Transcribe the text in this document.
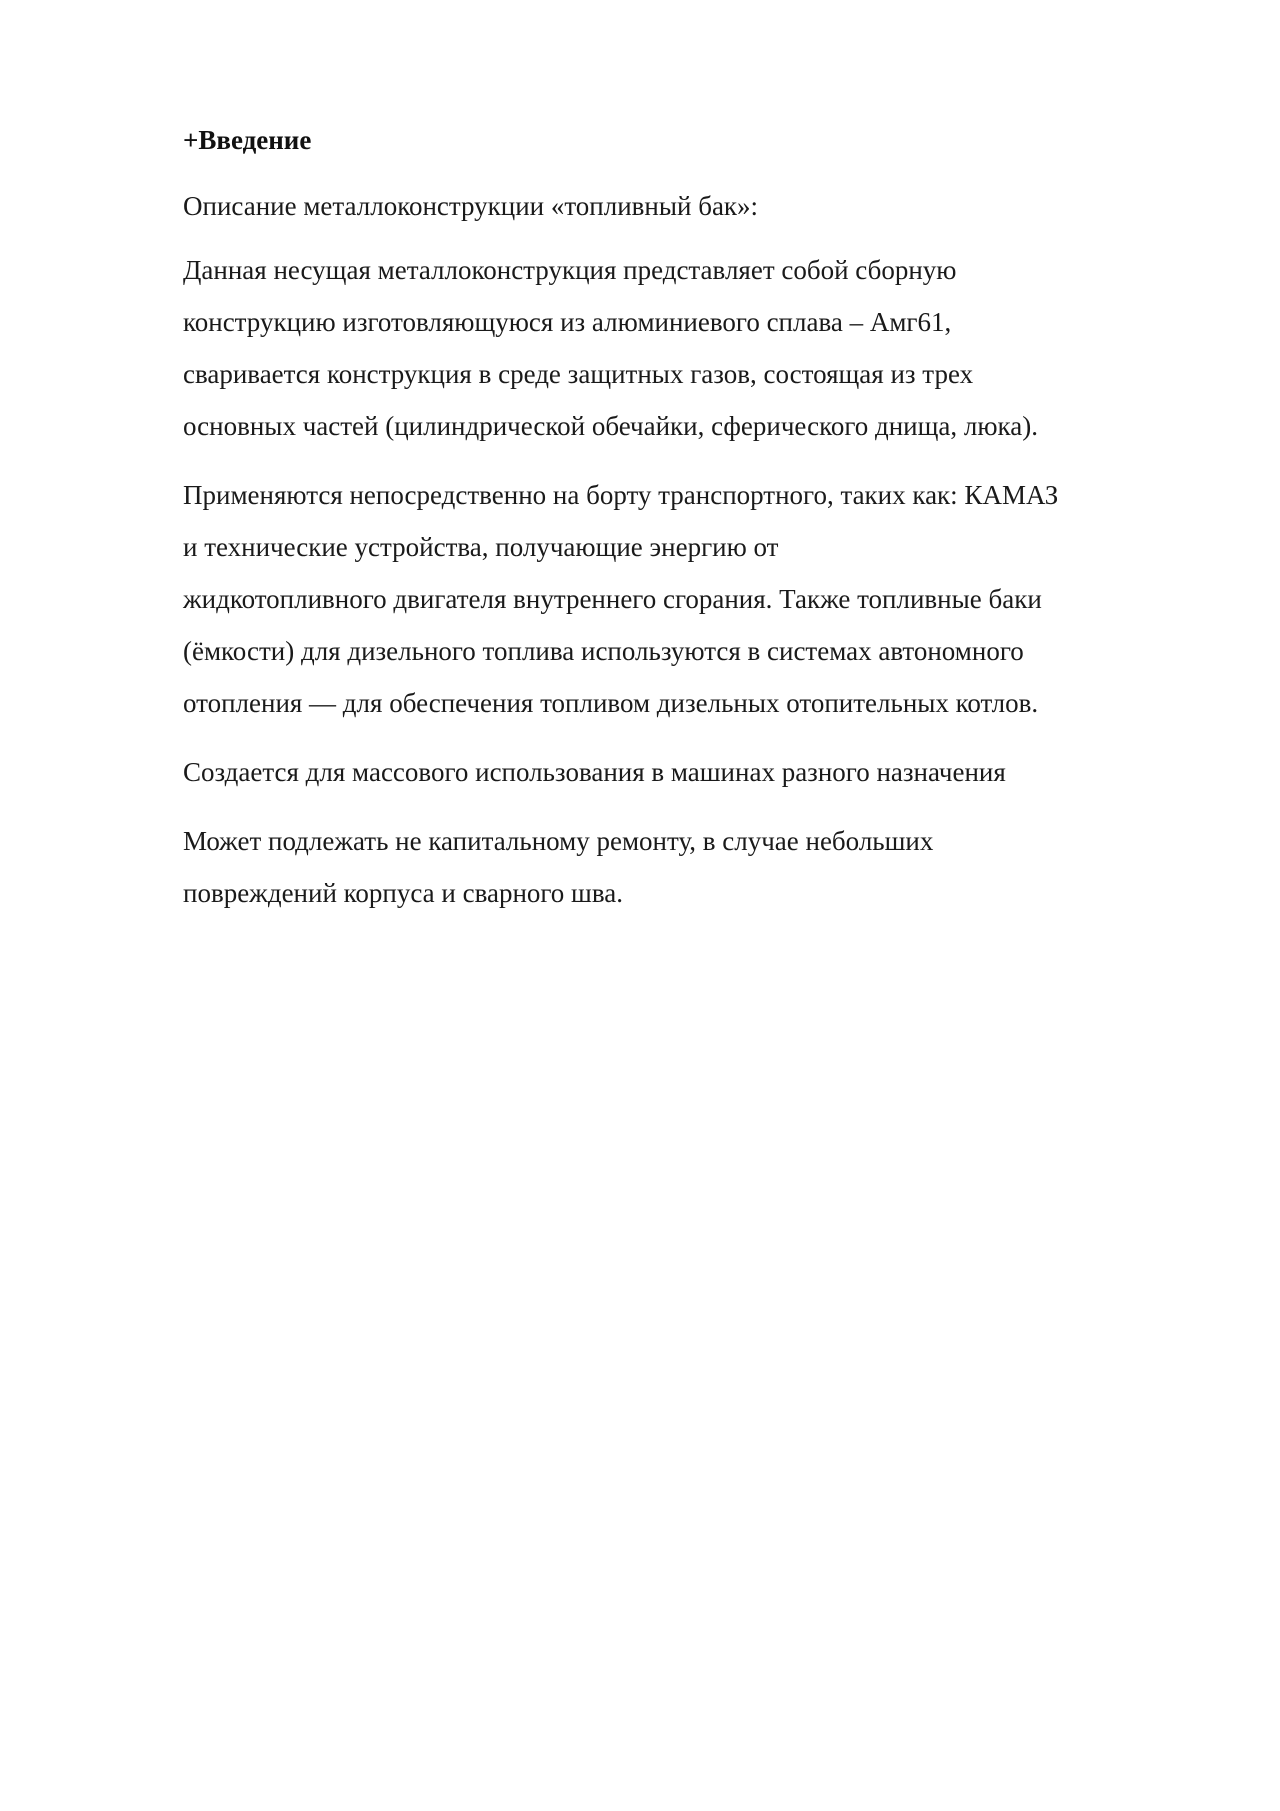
+Введение

Описание металлоконструкции «топливный бак»:

Данная несущая металлоконструкция представляет собой сборную
конструкцию изготовляющуюся из алюминиевого сплава – Амг61,
сваривается конструкция в среде защитных газов, состоящая из трех
основных частей (цилиндрической обечайки, сферического днища, люка).

Применяются непосредственно на борту транспортного, таких как: КАМАЗ
и технические устройства, получающие энергию от
жидкотопливного двигателя внутреннего сгорания. Также топливные баки
(ёмкости) для дизельного топлива используются в системах автономного
отопления — для обеспечения топливом дизельных отопительных котлов.

Создается для массового использования в машинах разного назначения

Может подлежать не капитальному ремонту, в случае небольших
повреждений корпуса и сварного шва.
